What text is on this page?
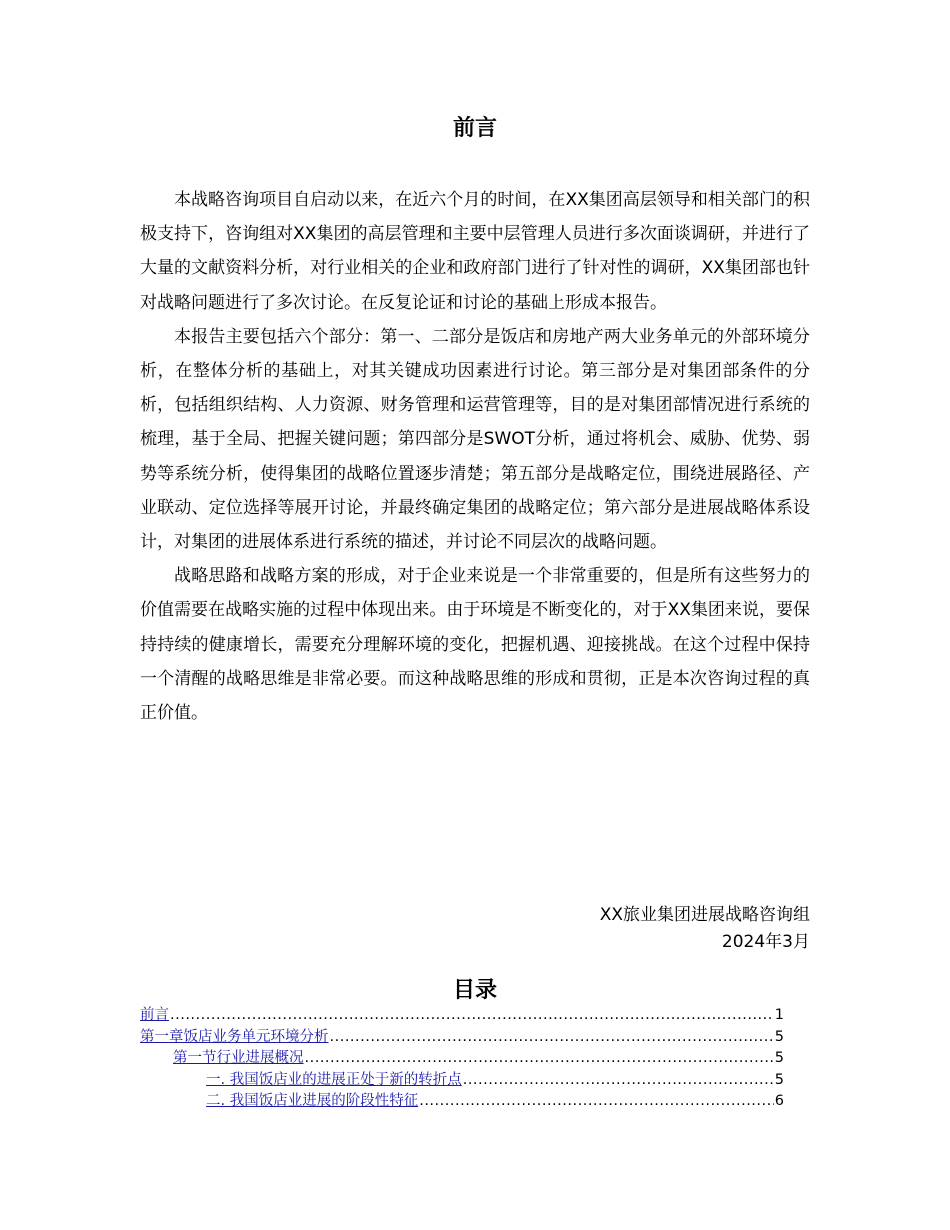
前言

本战略咨询项目自启动以来，在近六个月的时间，在XX集团高层领导和相关部门的积极支持下，咨询组对XX集团的高层管理和主要中层管理人员进行多次面谈调研，并进行了大量的文献资料分析，对行业相关的企业和政府部门进行了针对性的调研，XX集团部也针对战略问题进行了多次讨论。在反复论证和讨论的基础上形成本报告。

本报告主要包括六个部分：第一、二部分是饭店和房地产两大业务单元的外部环境分析，在整体分析的基础上，对其关键成功因素进行讨论。第三部分是对集团部条件的分析，包括组织结构、人力资源、财务管理和运营管理等，目的是对集团部情况进行系统的梳理，基于全局、把握关键问题；第四部分是SWOT分析，通过将机会、威胁、优势、弱势等系统分析，使得集团的战略位置逐步清楚；第五部分是战略定位，围绕进展路径、产业联动、定位选择等展开讨论，并最终确定集团的战略定位；第六部分是进展战略体系设计，对集团的进展体系进行系统的描述，并讨论不同层次的战略问题。

战略思路和战略方案的形成，对于企业来说是一个非常重要的，但是所有这些努力的价值需要在战略实施的过程中体现出来。由于环境是不断变化的，对于XX集团来说，要保持持续的健康增长，需要充分理解环境的变化，把握机遇、迎接挑战。在这个过程中保持一个清醒的战略思维是非常必要。而这种战略思维的形成和贯彻，正是本次咨询过程的真正价值。

XX旅业集团进展战略咨询组
2024年3月
目录
前言 .....	1
第一章饭店业务单元环境分析 .....	5
第一节行业进展概况 .....	5
一. 我国饭店业的进展正处于新的转折点 .....	5
二. 我国饭店业进展的阶段性特征 .....	6
